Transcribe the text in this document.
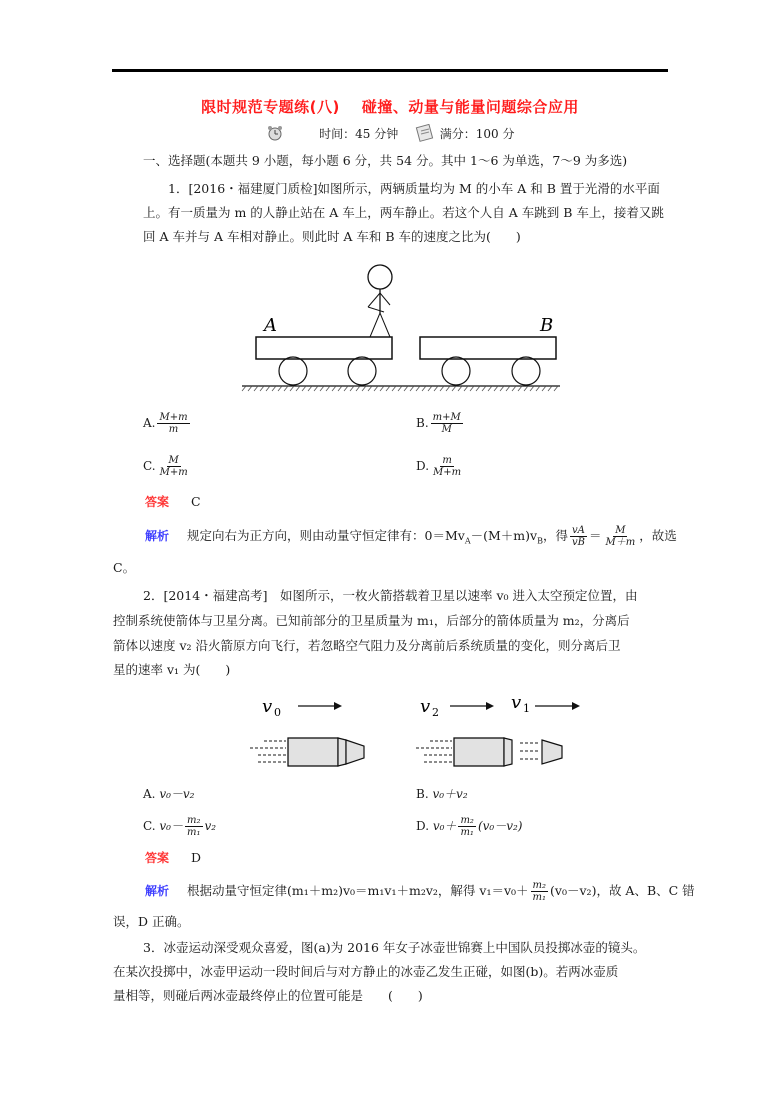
限时规范专题练(八) 碰撞、动量与能量问题综合应用
时间：45 分钟	满分：100 分
一、选择题(本题共 9 小题，每小题 6 分，共 54 分。其中 1～6 为单选，7～9 为多选)
1．[2016・福建厦门质检]如图所示，两辆质量均为 M 的小车 A 和 B 置于光滑的水平面上。有一质量为 m 的人静止站在 A 车上，两车静止。若这个人自 A 车跳到 B 车上，接着又跳回 A 车并与 A 车相对静止。则此时 A 车和 B 车的速度之比为(　　)
A	B
A. $\frac{M+m}{m}$	B. $\frac{m+M}{M}$
C. $\frac{M}{M+m}$	D. $\frac{m}{M+m}$
答案 C
解析 规定向右为正方向，则由动量守恒定律有：$0=Mv_A-(M+m)v_B$，得 $\frac{vA}{vB} = \frac{M}{M+m}$ ，故选
C。
2．[2014・福建高考]　如图所示，一枚火箭搭载着卫星以速率 v₀ 进入太空预定位置，由
控制系统使箭体与卫星分离。已知前部分的卫星质量为 m₁，后部分的箭体质量为 m₂，分离后
箭体以速度 v₂ 沿火箭原方向飞行，若忽略空气阻力及分离前后系统质量的变化，则分离后卫
星的速率 v₁ 为(　　)
v 0	v 2	v 1
A. v₀－v₂	B. v₀＋v₂
C. $v_0- \frac{\text{m₂}}{\text{m₁}} v_2$	D. $v_0+ \frac{\text{m₂}}{\text{m₁}} (v_0-v_2)$
答案 D
解析 根据动量守恒定律(m₁＋m₂)v₀＝m₁v₁＋m₂v₂，解得 $v_1=v_0+ \frac{\text{m₂}}{\text{m₁}} (v_0-v_2)$，故 A、B、C 错
误，D 正确。
3．冰壶运动深受观众喜爱，图(a)为 2016 年女子冰壶世锦赛上中国队员投掷冰壶的镜头。
在某次投掷中，冰壶甲运动一段时间后与对方静止的冰壶乙发生正碰，如图(b)。若两冰壶质
量相等，则碰后两冰壶最终停止的位置可能是　　(　　)
